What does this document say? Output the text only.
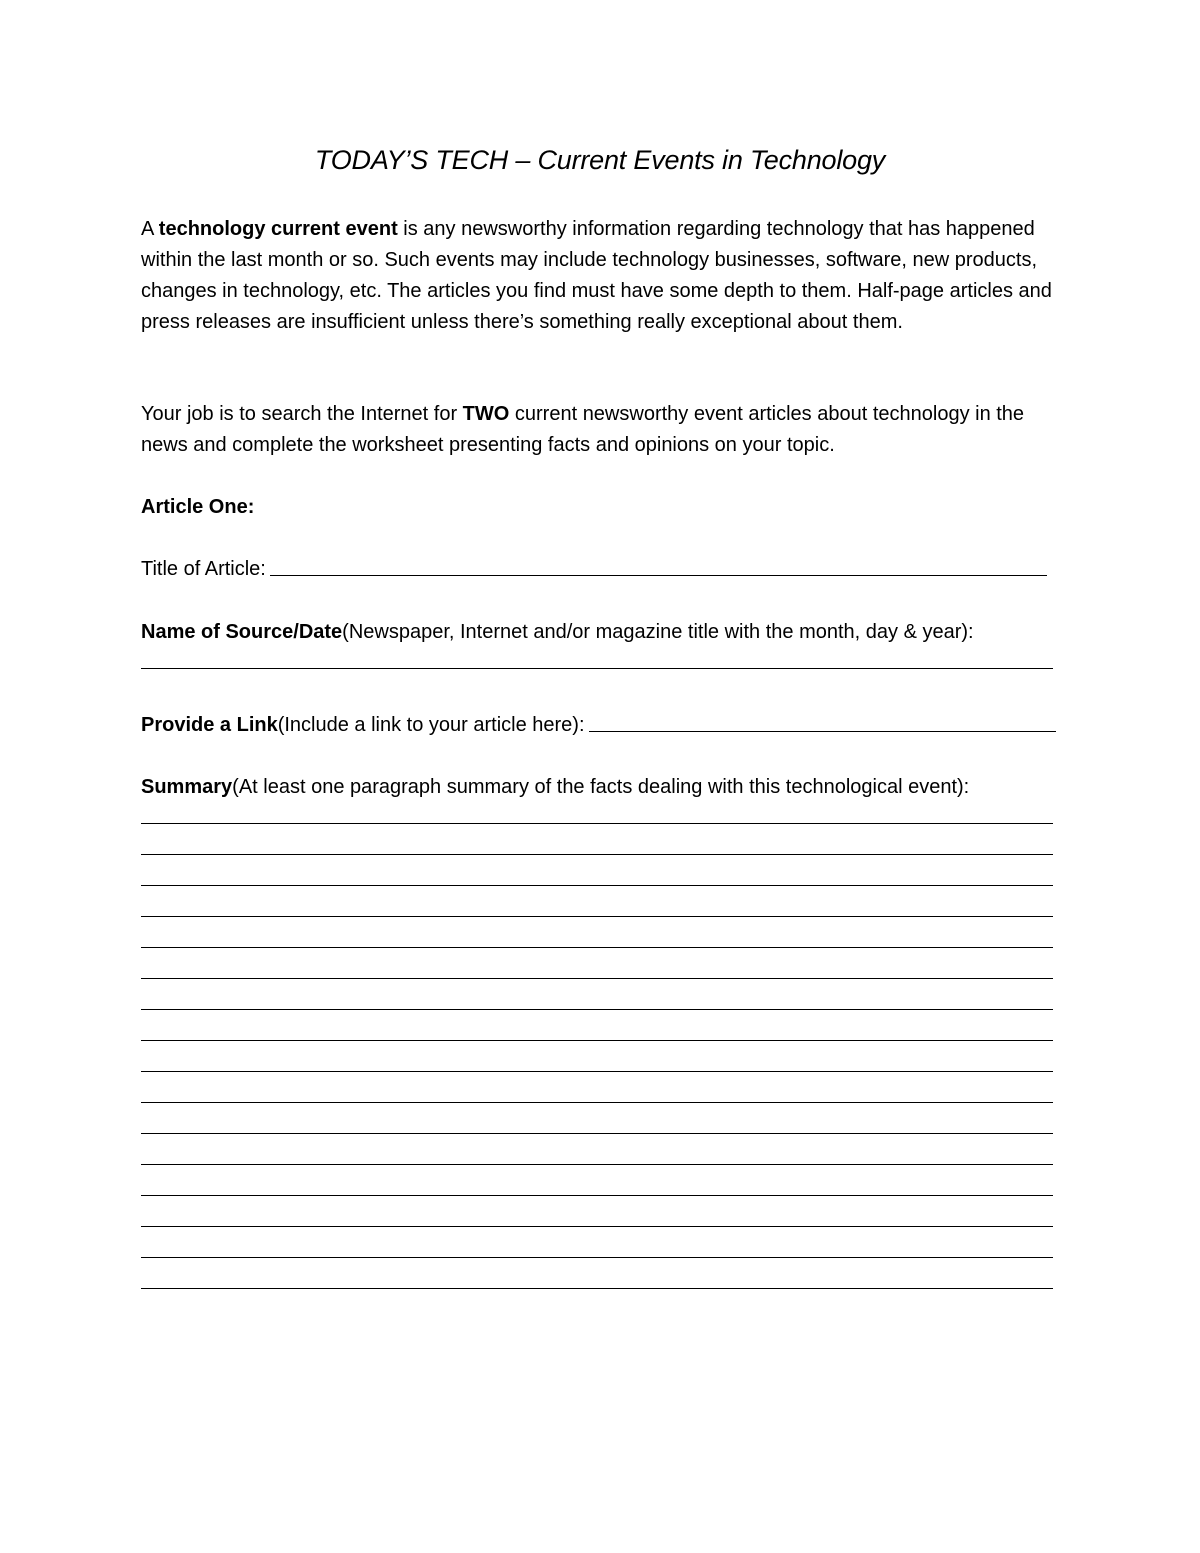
TODAY’S TECH – Current Events in Technology

A technology current event is any newsworthy information regarding technology that has happened within the last month or so. Such events may include technology businesses, software, new products, changes in technology, etc. The articles you find must have some depth to them. Half-page articles and press releases are insufficient unless there’s something really exceptional about them.

Your job is to search the Internet for TWO current newsworthy event articles about technology in the news and complete the worksheet presenting facts and opinions on your topic.

Article One:
Title of Article:
Name of Source/Date (Newspaper, Internet and/or magazine title with the month, day & year):
Provide a Link (Include a link to your article here):
Summary (At least one paragraph summary of the facts dealing with this technological event):
